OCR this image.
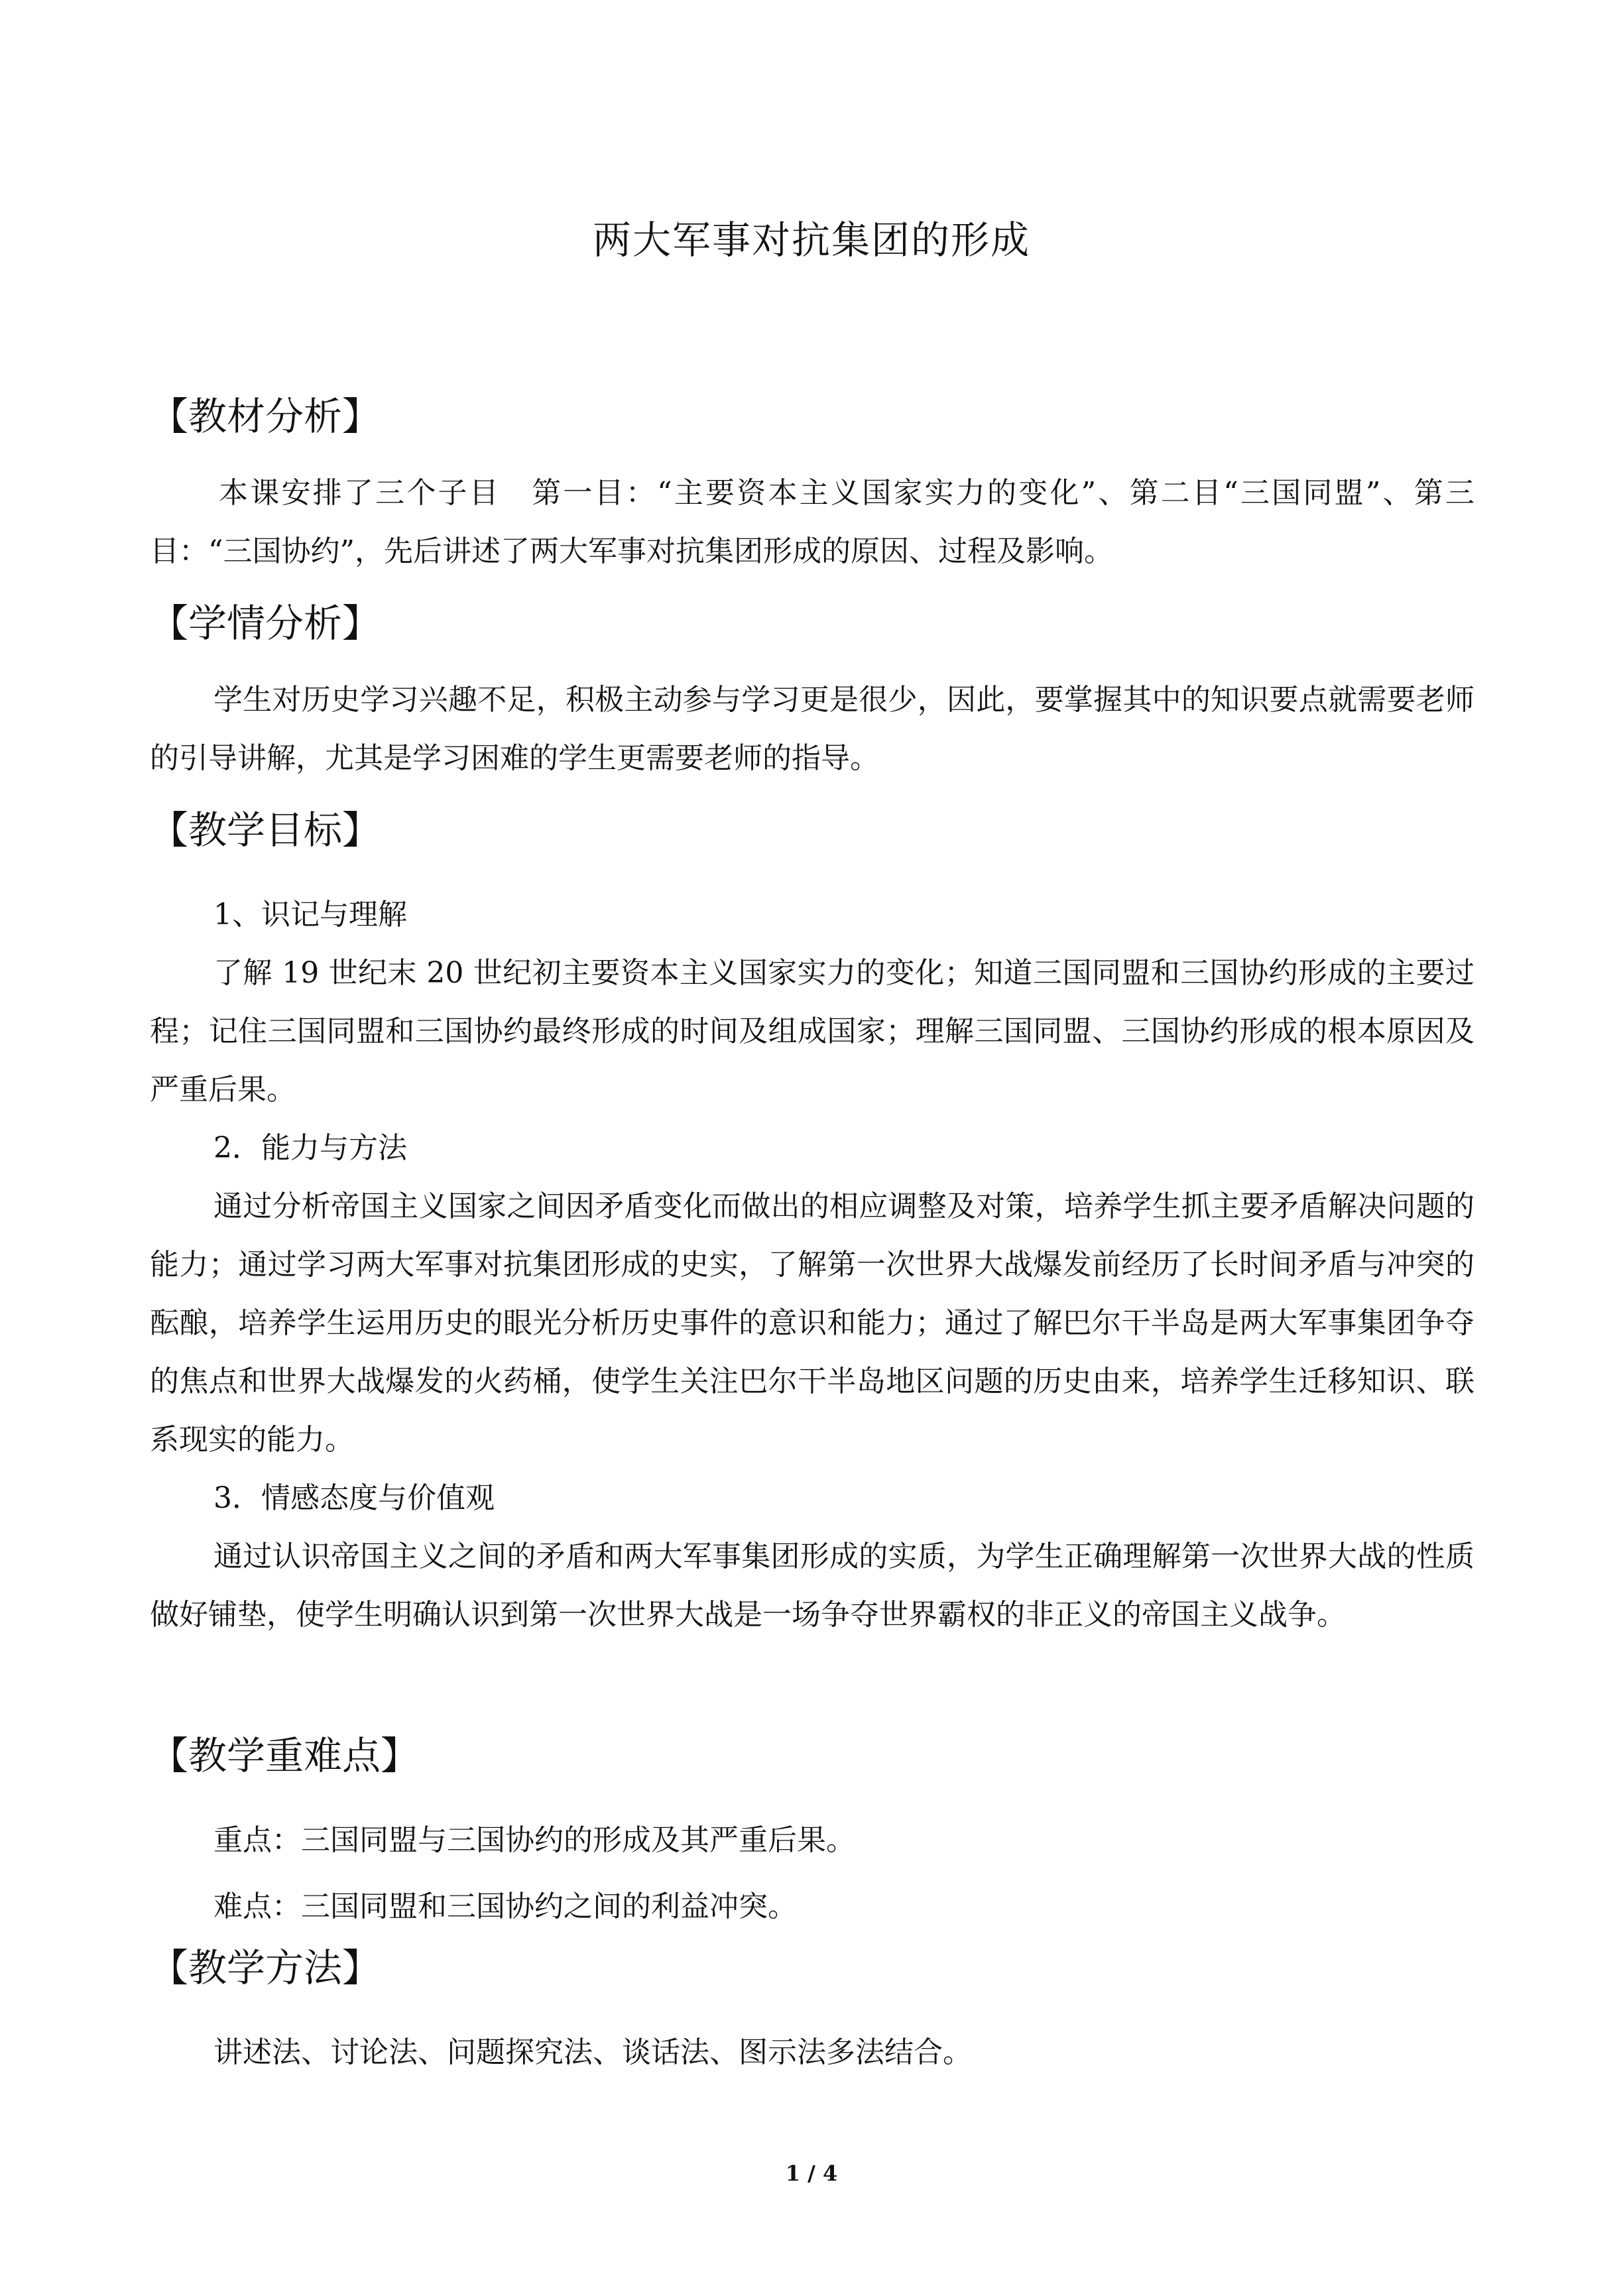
两大军事对抗集团的形成
【教材分析】

本课安排了三个子目　第一目：“主要资本主义国家实力的变化”、第二目“三国同盟”、第三目：“三国协约”，先后讲述了两大军事对抗集团形成的原因、过程及影响。

【学情分析】

学生对历史学习兴趣不足，积极主动参与学习更是很少，因此，要掌握其中的知识要点就需要老师的引导讲解，尤其是学习困难的学生更需要老师的指导。

【教学目标】
1、识记与理解

了解 19 世纪末 20 世纪初主要资本主义国家实力的变化；知道三国同盟和三国协约形成的主要过程；记住三国同盟和三国协约最终形成的时间及组成国家；理解三国同盟、三国协约形成的根本原因及严重后果。

2．能力与方法

通过分析帝国主义国家之间因矛盾变化而做出的相应调整及对策，培养学生抓主要矛盾解决问题的能力；通过学习两大军事对抗集团形成的史实，了解第一次世界大战爆发前经历了长时间矛盾与冲突的酝酿，培养学生运用历史的眼光分析历史事件的意识和能力；通过了解巴尔干半岛是两大军事集团争夺的焦点和世界大战爆发的火药桶，使学生关注巴尔干半岛地区问题的历史由来，培养学生迁移知识、联系现实的能力。

3．情感态度与价值观

通过认识帝国主义之间的矛盾和两大军事集团形成的实质，为学生正确理解第一次世界大战的性质做好铺垫，使学生明确认识到第一次世界大战是一场争夺世界霸权的非正义的帝国主义战争。

【教学重难点】
重点：三国同盟与三国协约的形成及其严重后果。
难点：三国同盟和三国协约之间的利益冲突。
【教学方法】
讲述法、讨论法、问题探究法、谈话法、图示法多法结合。
1 / 4
